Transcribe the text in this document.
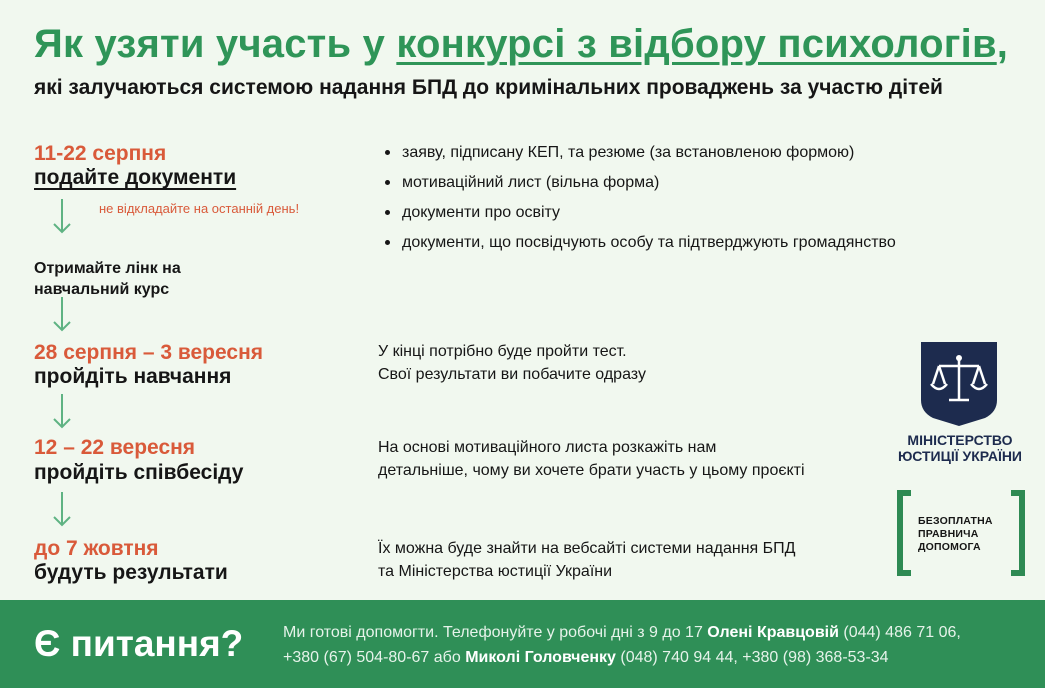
Як узяти участь у конкурсі з відбору психологів,
які залучаються системою надання БПД до кримінальних проваджень за участю дітей
11-22 серпня
подайте документи
не відкладайте на останній день!
Отримайте лінк на
навчальний курс
28 серпня – 3 вересня
пройдіть навчання
12 – 22 вересня
пройдіть співбесіду
до 7 жовтня
будуть результати
заяву, підписану КЕП, та резюме (за встановленою формою)
мотиваційний лист (вільна форма)
документи про освіту
документи, що посвідчують особу та підтверджують громадянство
У кінці потрібно буде пройти тест.
Свої результати ви побачите одразу
На основі мотиваційного листа розкажіть нам
детальніше, чому ви хочете брати участь у цьому проєкті
Їх можна буде знайти на вебсайті системи надання БПД
та Міністерства юстиції України
МІНІСТЕРСТВО
ЮСТИЦІЇ УКРАЇНИ
БЕЗОПЛАТНА
ПРАВНИЧА
ДОПОМОГА
Є питання? Ми готові допомогти. Телефонуйте у робочі дні з 9 до 17 Олені Кравцовій (044) 486 71 06,
+380 (67) 504-80-67 або Миколі Головченку (048) 740 94 44, +380 (98) 368-53-34
